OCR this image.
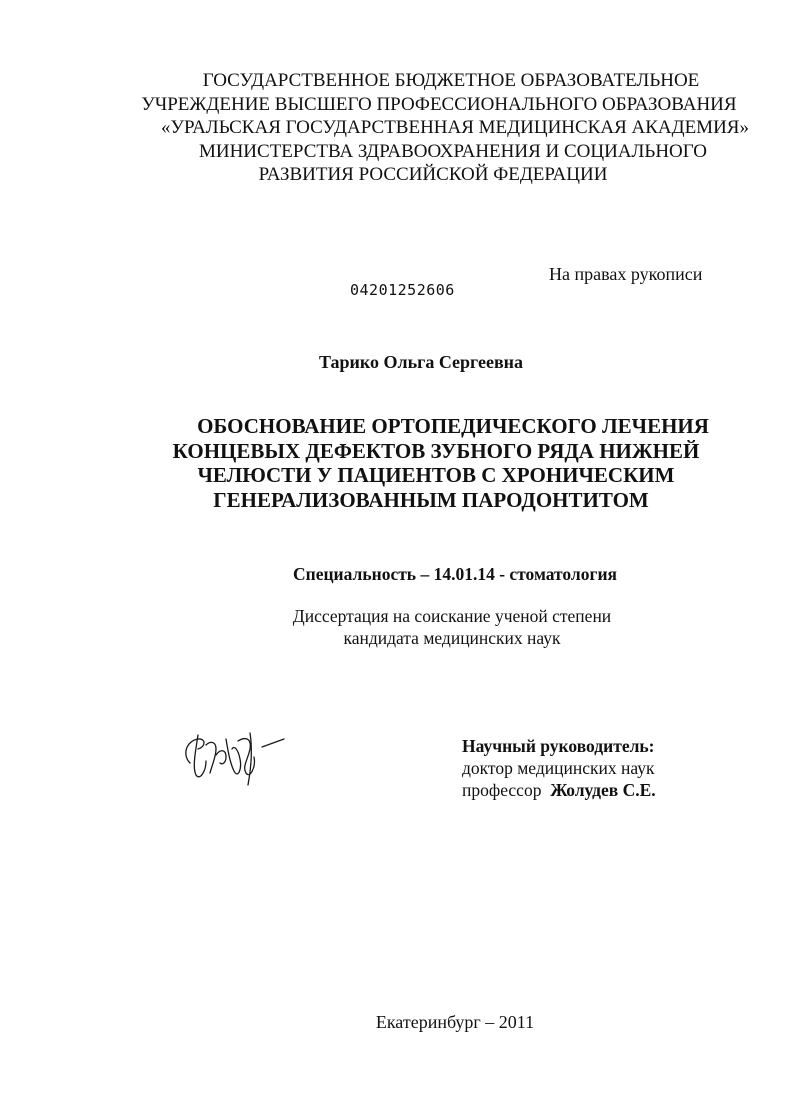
ГОСУДАРСТВЕННОЕ БЮДЖЕТНОЕ ОБРАЗОВАТЕЛЬНОЕ
УЧРЕЖДЕНИЕ ВЫСШЕГО ПРОФЕССИОНАЛЬНОГО ОБРАЗОВАНИЯ
«УРАЛЬСКАЯ ГОСУДАРСТВЕННАЯ МЕДИЦИНСКАЯ АКАДЕМИЯ»
МИНИСТЕРСТВА ЗДРАВООХРАНЕНИЯ И СОЦИАЛЬНОГО
РАЗВИТИЯ РОССИЙСКОЙ ФЕДЕРАЦИИ
На правах рукописи
04201252606
Тарико Ольга Сергеевна
ОБОСНОВАНИЕ ОРТОПЕДИЧЕСКОГО ЛЕЧЕНИЯ
КОНЦЕВЫХ ДЕФЕКТОВ ЗУБНОГО РЯДА НИЖНЕЙ
ЧЕЛЮСТИ У ПАЦИЕНТОВ С ХРОНИЧЕСКИМ
ГЕНЕРАЛИЗОВАННЫМ ПАРОДОНТИТОМ
Специальность – 14.01.14 - стоматология
Диссертация на соискание ученой степени
кандидата медицинских наук
Научный руководитель:
доктор медицинских наук
профессор Жолудев С.Е.
Екатеринбург – 2011
